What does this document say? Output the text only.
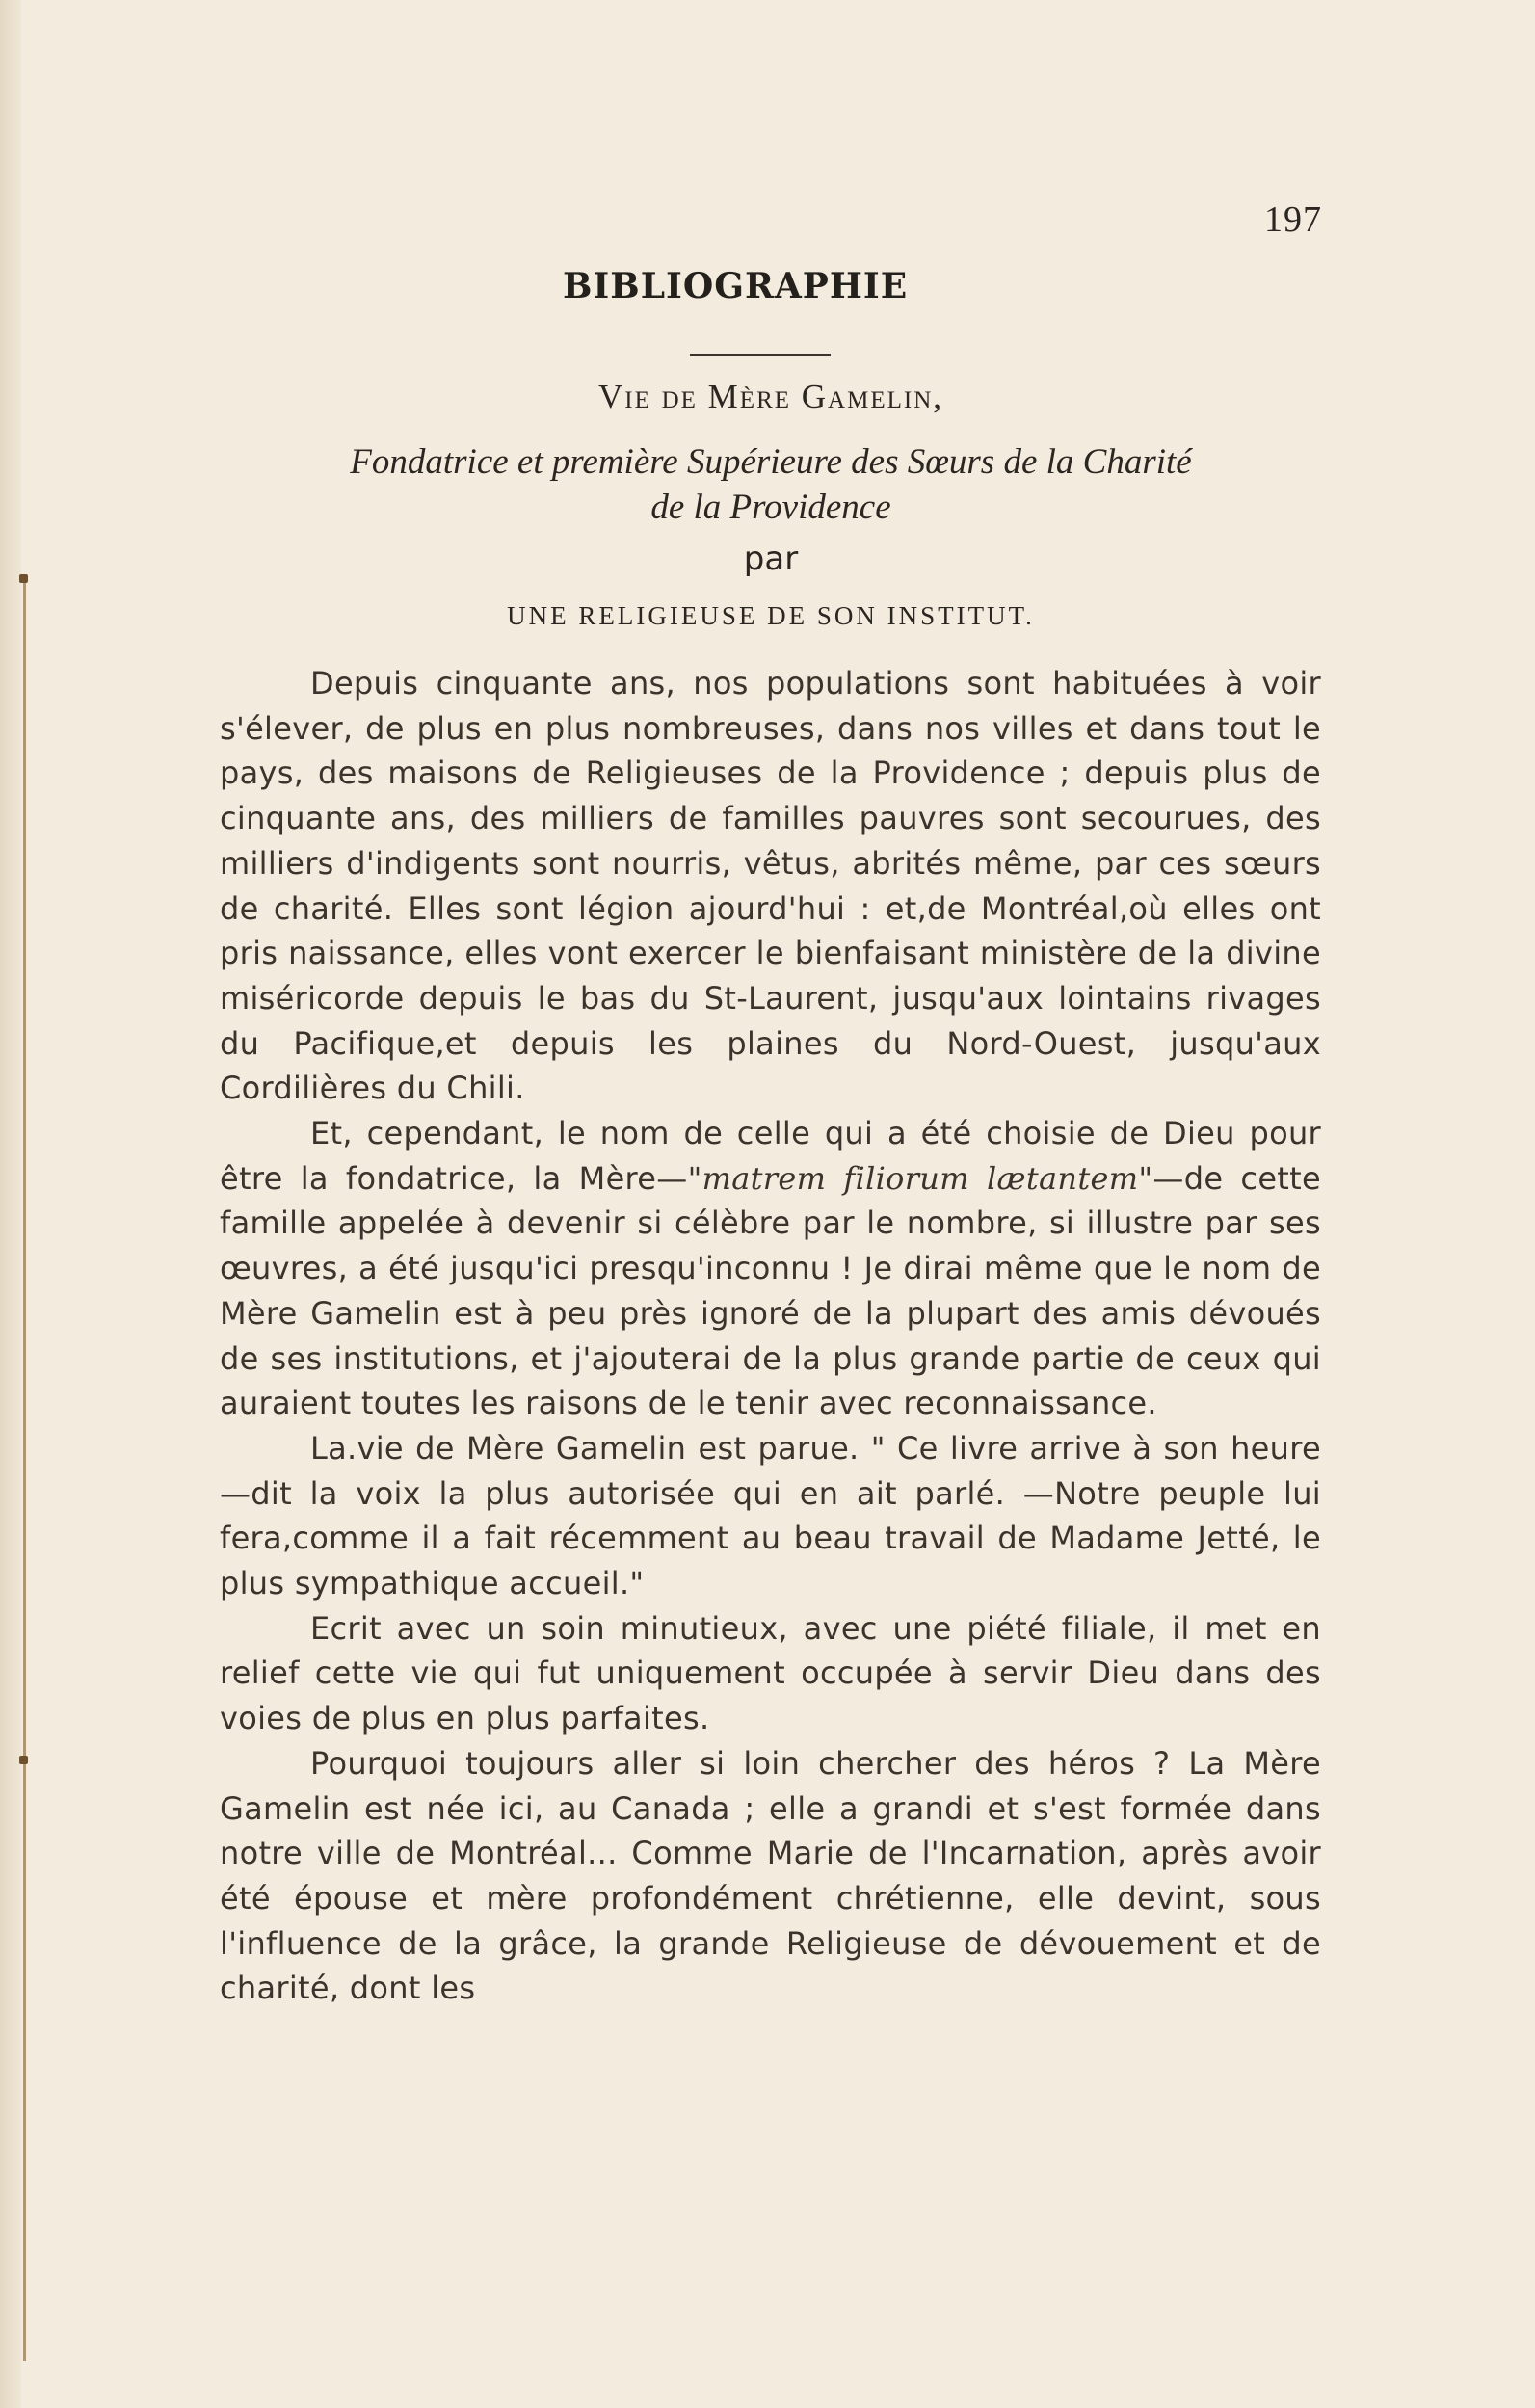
197
BIBLIOGRAPHIE
Vie de Mère Gamelin,
Fondatrice et première Supérieure des Sœurs de la Charité
de la Providence
par
UNE RELIGIEUSE DE SON INSTITUT.

Depuis cinquante ans, nos populations sont habituées à voir s'élever, de plus en plus nombreuses, dans nos villes et dans tout le pays, des maisons de Religieuses de la Providence ; depuis plus de cinquante ans, des milliers de familles pauvres sont secourues, des milliers d'indigents sont nourris, vêtus, abrités même, par ces sœurs de charité. Elles sont légion ajourd'hui : et,de Montréal,où elles ont pris naissance, elles vont exercer le bienfaisant ministère de la divine miséricorde depuis le bas du St-Laurent, jusqu'aux lointains rivages du Pacifique,et depuis les plaines du Nord-Ouest, jusqu'aux Cordilières du Chili.

Et, cependant, le nom de celle qui a été choisie de Dieu pour être la fondatrice, la Mère—"matrem filiorum lætantem"—de cette famille appelée à devenir si célèbre par le nombre, si illustre par ses œuvres, a été jusqu'ici presqu'inconnu ! Je dirai même que le nom de Mère Gamelin est à peu près ignoré de la plupart des amis dévoués de ses institutions, et j'ajouterai de la plus grande partie de ceux qui auraient toutes les raisons de le tenir avec reconnaissance.

La.vie de Mère Gamelin est parue. " Ce livre arrive à son heure—dit la voix la plus autorisée qui en ait parlé. —Notre peuple lui fera,comme il a fait récemment au beau travail de Madame Jetté, le plus sympathique accueil."

Ecrit avec un soin minutieux, avec une piété filiale, il met en relief cette vie qui fut uniquement occupée à servir Dieu dans des voies de plus en plus parfaites.

Pourquoi toujours aller si loin chercher des héros ? La Mère Gamelin est née ici, au Canada ; elle a grandi et s'est formée dans notre ville de Montréal... Comme Marie de l'Incarnation, après avoir été épouse et mère profondément chrétienne, elle devint, sous l'influence de la grâce, la grande Religieuse de dévouement et de charité, dont les
